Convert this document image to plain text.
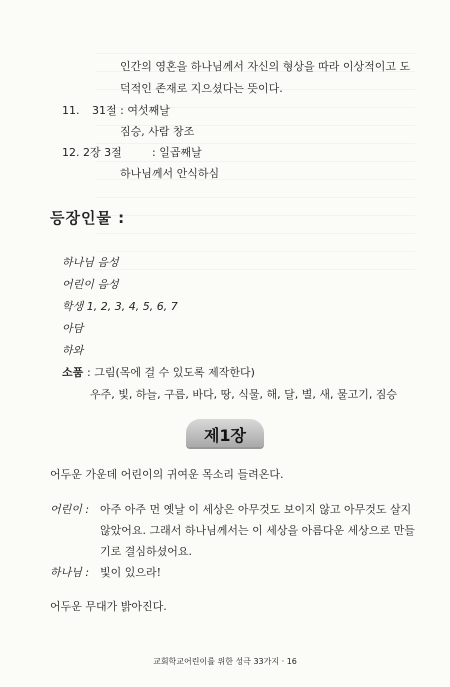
인간의 영혼을 하나님께서 자신의 형상을 따라 이상적이고 도
덕적인 존재로 지으셨다는 뜻이다.
11. 31절 : 여섯째날
짐승, 사람 창조
12. 2장 3절	: 일곱째날
하나님께서 안식하심
등장인물 :
하나님 음성
어린이 음성
학생 1, 2, 3, 4, 5, 6, 7
아담
하와
소품 : 그림(목에 걸 수 있도록 제작한다)
우주, 빛, 하늘, 구름, 바다, 땅, 식물, 해, 달, 별, 새, 물고기, 짐승
제1장
어두운 가운데 어린이의 귀여운 목소리 들려온다.
어린이 : 아주 아주 먼 옛날 이 세상은 아무것도 보이지 않고 아무것도 살지
않았어요. 그래서 하나님께서는 이 세상을 아름다운 세상으로 만들
기로 결심하셨어요.
하나님 : 빛이 있으라!
어두운 무대가 밝아진다.
교회학교어린이를 위한 성극 33가지 · 16
